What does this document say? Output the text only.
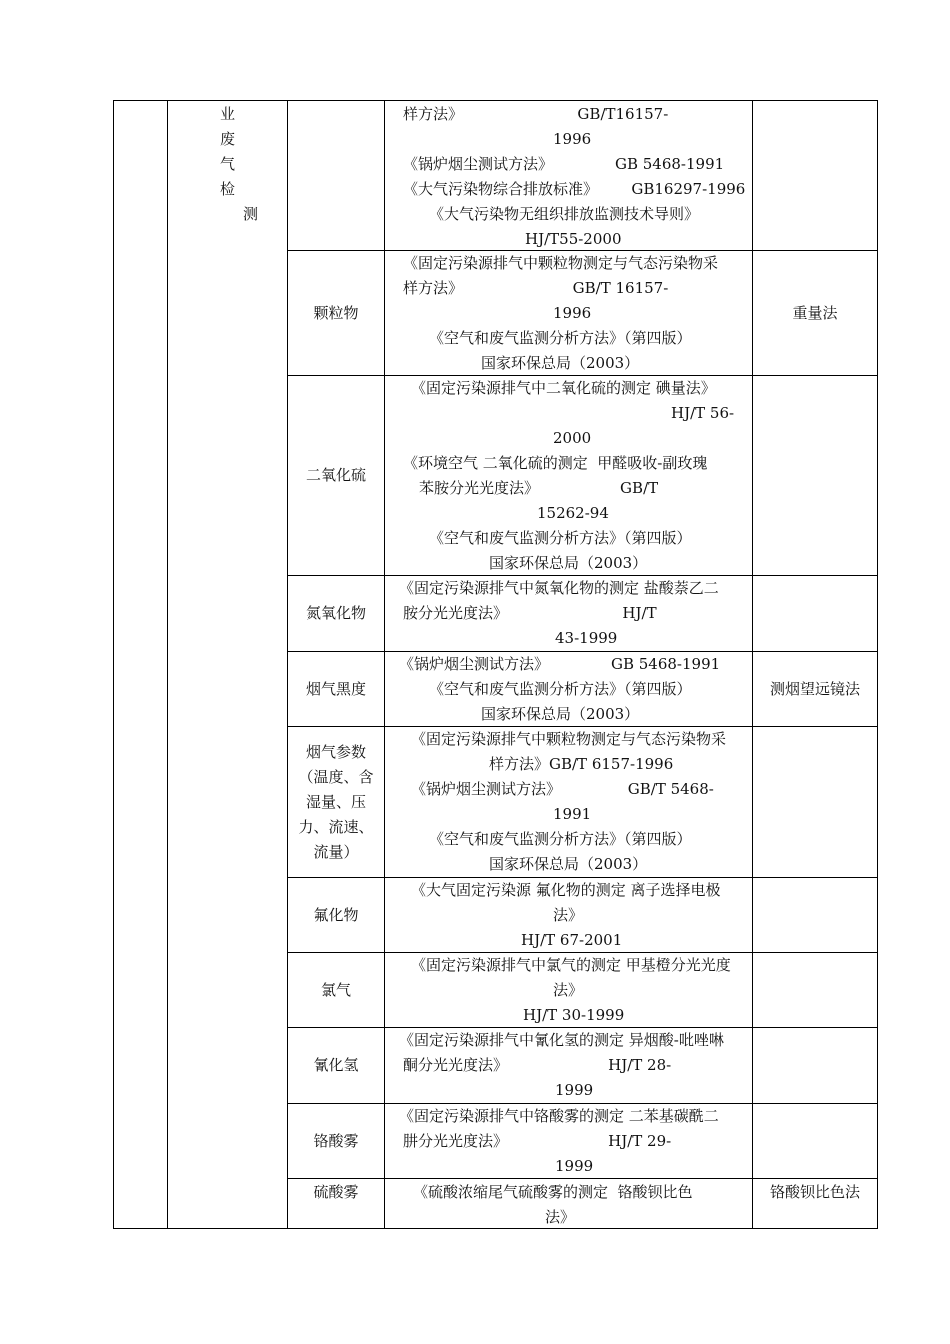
业
废
气
检
测
样方法》                        GB/T16157-
1996
《锅炉烟尘测试方法》             GB 5468-1991
《大气污染物综合排放标准》       GB16297-1996
《大气污染物无组织排放监测技术导则》
HJ/T55-2000
颗粒物
《固定污染源排气中颗粒物测定与气态污染物采
样方法》                       GB/T 16157-
1996
《空气和废气监测分析方法》（第四版）
国家环保总局（2003）
重量法
二氧化硫
《固定污染源排气中二氧化硫的测定 碘量法》
HJ/T 56-
2000
《环境空气 二氧化硫的测定  甲醛吸收-副玫瑰
苯胺分光光度法》                 GB/T
15262-94
《空气和废气监测分析方法》（第四版）
国家环保总局（2003）
氮氧化物
《固定污染源排气中氮氧化物的测定 盐酸萘乙二
胺分光光度法》                        HJ/T
43-1999
烟气黑度
《锅炉烟尘测试方法》             GB 5468-1991
《空气和废气监测分析方法》（第四版）
国家环保总局（2003）
测烟望远镜法
烟气参数（温度、含湿量、压力、流速、流量）
《固定污染源排气中颗粒物测定与气态污染物采
样方法》GB/T 6157-1996
《锅炉烟尘测试方法》              GB/T 5468-
1991
《空气和废气监测分析方法》（第四版）
国家环保总局（2003）
氟化物
《大气固定污染源 氟化物的测定 离子选择电极
法》
HJ/T 67-2001
氯气
《固定污染源排气中氯气的测定 甲基橙分光光度
法》
HJ/T 30-1999
氰化氢
《固定污染源排气中氰化氢的测定 异烟酸-吡唑啉
酮分光光度法》                     HJ/T 28-
1999
铬酸雾
《固定污染源排气中铬酸雾的测定 二苯基碳酰二
肼分光光度法》                     HJ/T 29-
1999
硫酸雾	《硫酸浓缩尾气硫酸雾的测定  铬酸钡比色
法》
铬酸钡比色法
